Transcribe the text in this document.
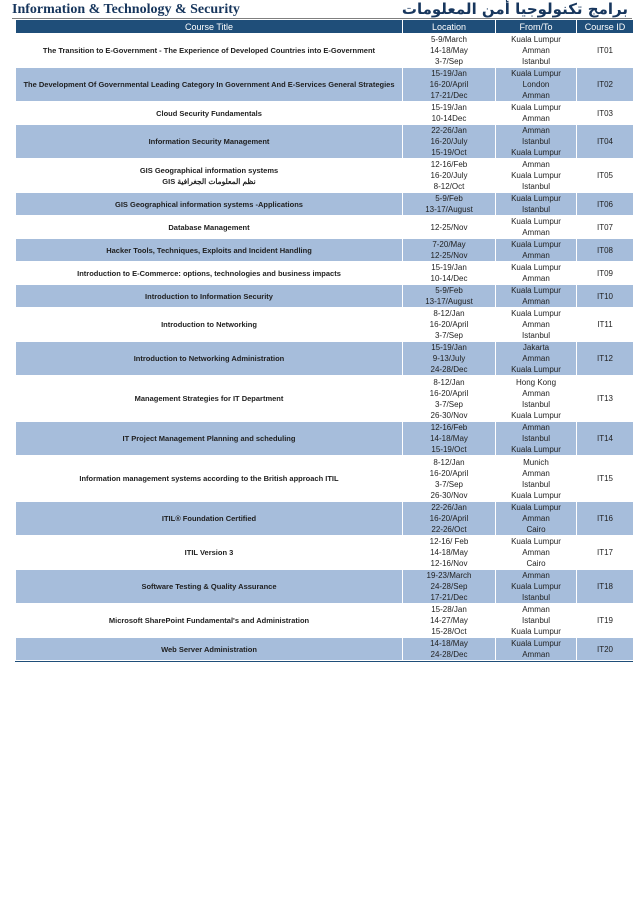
Information & Technology & Security	برامج تكنولوجيا أمن المعلومات
Course Title	Location	From/To	Course ID
The Transition to E-Government - The Experience of Developed Countries into E-Government	5-9/March
14-18/May
3-7/Sep	Kuala Lumpur
Amman
Istanbul	IT01
The Development Of Governmental Leading Category In Government And E-Services General Strategies	15-19/Jan
16-20/April
17-21/Dec	Kuala Lumpur
London
Amman	IT02
Cloud Security Fundamentals	15-19/Jan
10-14Dec	Kuala Lumpur
Amman	IT03
Information Security Management	22-26/Jan
16-20/July
15-19/Oct	Amman
Istanbul
Kuala Lumpur	IT04
GIS Geographical information systems
GIS نظم المعلومات الجغرافية	12-16/Feb
16-20/July
8-12/Oct	Amman
Kuala Lumpur
Istanbul	IT05
GIS Geographical information systems -Applications	5-9/Feb
13-17/August	Kuala Lumpur
Istanbul	IT06
Database Management	12-25/Nov	Kuala Lumpur
Amman	IT07
Hacker Tools, Techniques, Exploits and Incident Handling	7-20/May
12-25/Nov	Kuala Lumpur
Amman	IT08
Introduction to E-Commerce: options, technologies and business impacts	15-19/Jan
10-14/Dec	Kuala Lumpur
Amman	IT09
Introduction to Information Security	5-9/Feb
13-17/August	Kuala Lumpur
Amman	IT10
Introduction to Networking	8-12/Jan
16-20/April
3-7/Sep	Kuala Lumpur
Amman
Istanbul	IT11
Introduction to Networking Administration	15-19/Jan
9-13/July
24-28/Dec	Jakarta
Amman
Kuala Lumpur	IT12
Management Strategies for IT Department	8-12/Jan
16-20/April
3-7/Sep
26-30/Nov	Hong Kong
Amman
Istanbul
Kuala Lumpur	IT13
IT Project Management Planning and scheduling	12-16/Feb
14-18/May
15-19/Oct	Amman
Istanbul
Kuala Lumpur	IT14
Information management systems according to the British approach ITIL	8-12/Jan
16-20/April
3-7/Sep
26-30/Nov	Munich
Amman
Istanbul
Kuala Lumpur	IT15
ITIL® Foundation Certified	22-26/Jan
16-20/April
22-26/Oct	Kuala Lumpur
Amman
Cairo	IT16
ITIL Version 3	12-16/ Feb
14-18/May
12-16/Nov	Kuala Lumpur
Amman
Cairo	IT17
Software Testing & Quality Assurance	19-23/March
24-28/Sep
17-21/Dec	Amman
Kuala Lumpur
Istanbul	IT18
Microsoft SharePoint Fundamental's and Administration	15-28/Jan
14-27/May
15-28/Oct	Amman
Istanbul
Kuala Lumpur	IT19
Web Server Administration	14-18/May
24-28/Dec	Kuala Lumpur
Amman	IT20
